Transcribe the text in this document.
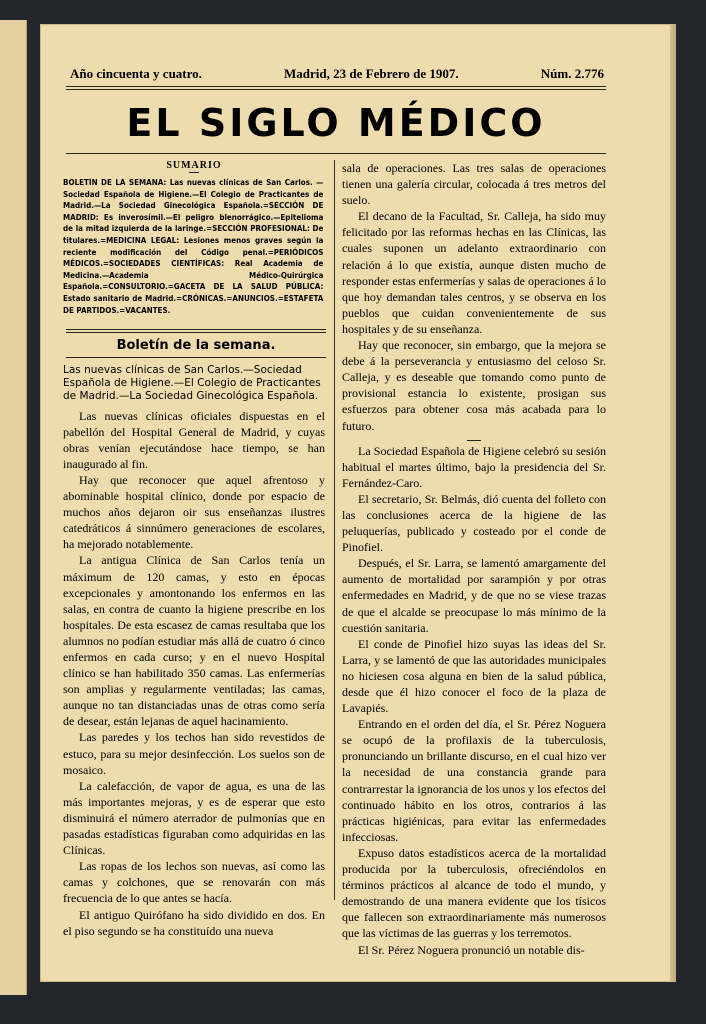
Año cincuenta y cuatro.	Madrid, 23 de Febrero de 1907.	Núm. 2.776
EL SIGLO MÉDICO

SUMARIO

BOLETÍN DE LA SEMANA: Las nuevas clínicas de San Carlos. —Sociedad Española de Higiene.—El Colegio de Practicantes de Madrid.—La Sociedad Ginecológica Española.=SECCIÓN DE MADRID: Es inverosímil.—El peligro blenorrágico.—Epitelioma de la mitad izquierda de la laringe.=SECCIÓN PROFESIONAL: De titulares.=MEDICINA LEGAL: Lesiones menos graves según la reciente modificación del Código penal.=PERIÓDICOS MÉDICOS.=SOCIEDADES CIENTÍFICAS: Real Academia de Medicina.—Academia Médico-Quirúrgica Española.=CONSULTORIO.=GACETA DE LA SALUD PÚBLICA: Estado sanitario de Madrid.=CRÓNICAS.=ANUNCIOS.=ESTAFETA DE PARTIDOS.=VACANTES.

Boletín de la semana.

Las nuevas clínicas de San Carlos.—Sociedad Española de Higiene.—El Colegio de Practicantes de Madrid.—La Sociedad Ginecológica Española.

Las nuevas clínicas oficiales dispuestas en el pabellón del Hospital General de Madrid, y cuyas obras venían ejecutándose hace tiempo, se han inaugurado al fin.

Hay que reconocer que aquel afrentoso y abominable hospital clínico, donde por espacio de muchos años dejaron oir sus enseñanzas ilustres catedráticos á sinnúmero generaciones de escolares, ha mejorado notablemente.

La antigua Clínica de San Carlos tenía un máximum de 120 camas, y esto en épocas excepcionales y amontonando los enfermos en las salas, en contra de cuanto la higiene prescribe en los hospitales. De esta escasez de camas resultaba que los alumnos no podían estudiar más allá de cuatro ó cinco enfermos en cada curso; y en el nuevo Hospital clínico se han habilitado 350 camas. Las enfermerías son amplias y regularmente ventiladas; las camas, aunque no tan distanciadas unas de otras como sería de desear, están lejanas de aquel hacinamiento.

Las paredes y los techos han sido revestidos de estuco, para su mejor desinfección. Los suelos son de mosaico.

La calefacción, de vapor de agua, es una de las más importantes mejoras, y es de esperar que esto disminuirá el número aterrador de pulmonías que en pasadas estadísticas figuraban como adquiridas en las Clínicas.

Las ropas de los lechos son nuevas, así como las camas y colchones, que se renovarán con más frecuencia de lo que antes se hacía.

El antiguo Quirófano ha sido dividido en dos. En el piso segundo se ha constituído una nueva

sala de operaciones. Las tres salas de operaciones tienen una galería circular, colocada á tres metros del suelo.

El decano de la Facultad, Sr. Calleja, ha sido muy felicitado por las reformas hechas en las Clínicas, las cuales suponen un adelanto extraordinario con relación á lo que existía, aunque disten mucho de responder estas enfermerías y salas de operaciones á lo que hoy demandan tales centros, y se observa en los pueblos que cuidan convenientemente de sus hospitales y de su enseñanza.

Hay que reconocer, sin embargo, que la mejora se debe á la perseverancia y entusiasmo del celoso Sr. Calleja, y es deseable que tomando como punto de provisional estancia lo existente, prosigan sus esfuerzos para obtener cosa más acabada para lo futuro.

La Sociedad Española de Higiene celebró su sesión habitual el martes último, bajo la presidencia del Sr. Fernández-Caro.

El secretario, Sr. Belmás, dió cuenta del folleto con las conclusiones acerca de la higiene de las peluquerías, publicado y costeado por el conde de Pinofiel.

Después, el Sr. Larra, se lamentó amargamente del aumento de mortalidad por sarampión y por otras enfermedades en Madrid, y de que no se viese trazas de que el alcalde se preocupase lo más mínimo de la cuestión sanitaria.

El conde de Pinofiel hizo suyas las ideas del Sr. Larra, y se lamentó de que las autoridades municipales no hiciesen cosa alguna en bien de la salud pública, desde que él hizo conocer el foco de la plaza de Lavapiés.

Entrando en el orden del día, el Sr. Pérez Noguera se ocupó de la profilaxis de la tuberculosis, pronunciando un brillante discurso, en el cual hizo ver la necesidad de una constancia grande para contrarrestar la ignorancia de los unos y los efectos del continuado hábito en los otros, contrarios á las prácticas higiénicas, para evitar las enfermedades infecciosas.

Expuso datos estadísticos acerca de la mortalidad producida por la tuberculosis, ofreciéndolos en términos prácticos al alcance de todo el mundo, y demostrando de una manera evidente que los tísicos que fallecen son extraordinariamente más numerosos que las víctimas de las guerras y los terremotos.

El Sr. Pérez Noguera pronunció un notable dis-
